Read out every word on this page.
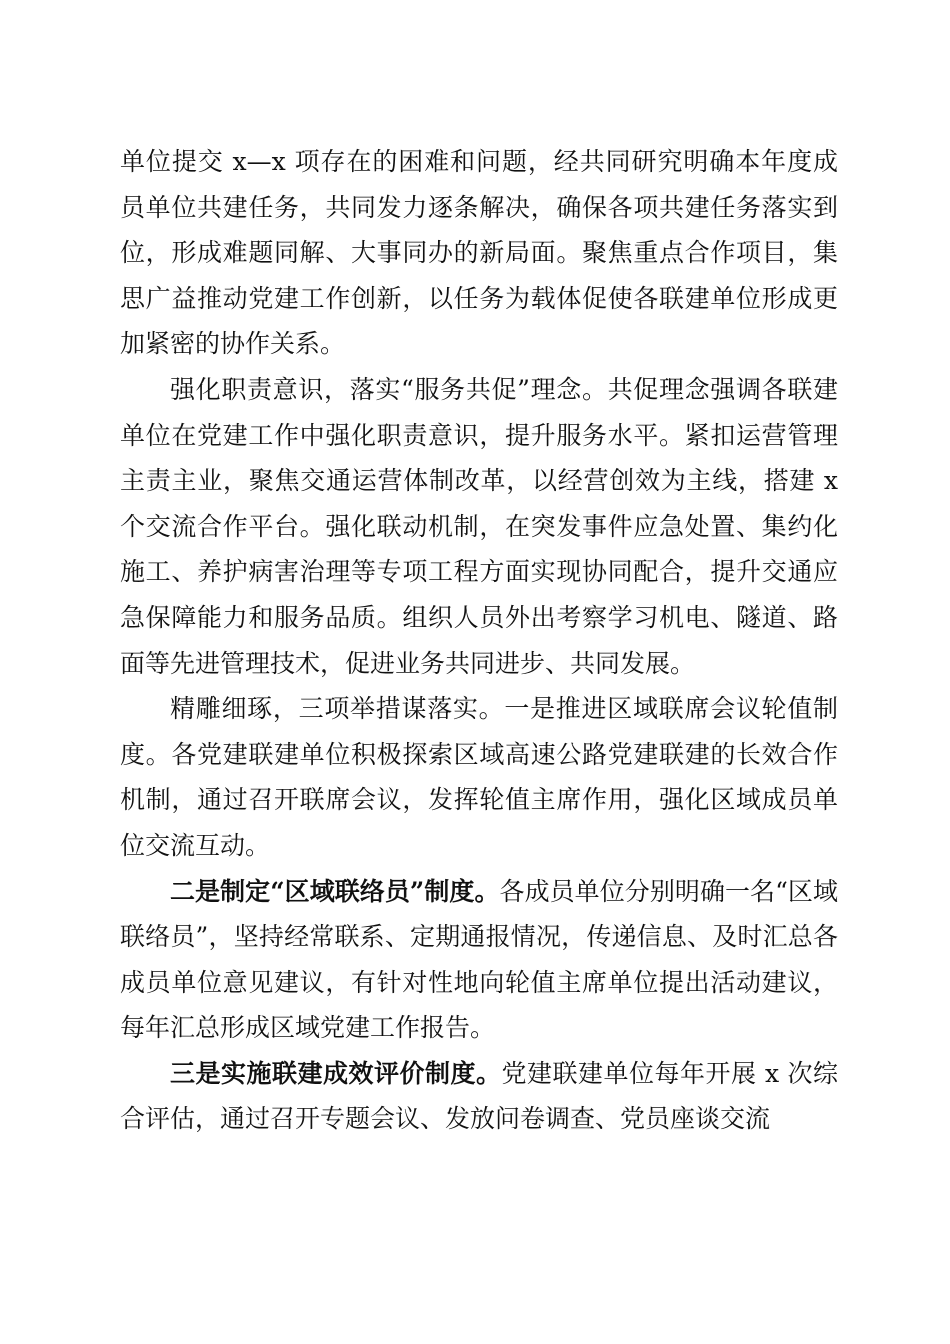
单位提交 x—x 项存在的困难和问题，经共同研究明确本年度成员单位共建任务，共同发力逐条解决，确保各项共建任务落实到位，形成难题同解、大事同办的新局面。聚焦重点合作项目，集思广益推动党建工作创新，以任务为载体促使各联建单位形成更加紧密的协作关系。

强化职责意识，落实“服务共促”理念。共促理念强调各联建单位在党建工作中强化职责意识，提升服务水平。紧扣运营管理主责主业，聚焦交通运营体制改革，以经营创效为主线，搭建 x 个交流合作平台。强化联动机制，在突发事件应急处置、集约化施工、养护病害治理等专项工程方面实现协同配合，提升交通应急保障能力和服务品质。组织人员外出考察学习机电、隧道、路面等先进管理技术，促进业务共同进步、共同发展。

精雕细琢，三项举措谋落实。一是推进区域联席会议轮值制度。各党建联建单位积极探索区域高速公路党建联建的长效合作机制，通过召开联席会议，发挥轮值主席作用，强化区域成员单位交流互动。

二是制定“区域联络员”制度。各成员单位分别明确一名“区域联络员”，坚持经常联系、定期通报情况，传递信息、及时汇总各成员单位意见建议，有针对性地向轮值主席单位提出活动建议，每年汇总形成区域党建工作报告。

三是实施联建成效评价制度。党建联建单位每年开展 x 次综合评估，通过召开专题会议、发放问卷调查、党员座谈交流
